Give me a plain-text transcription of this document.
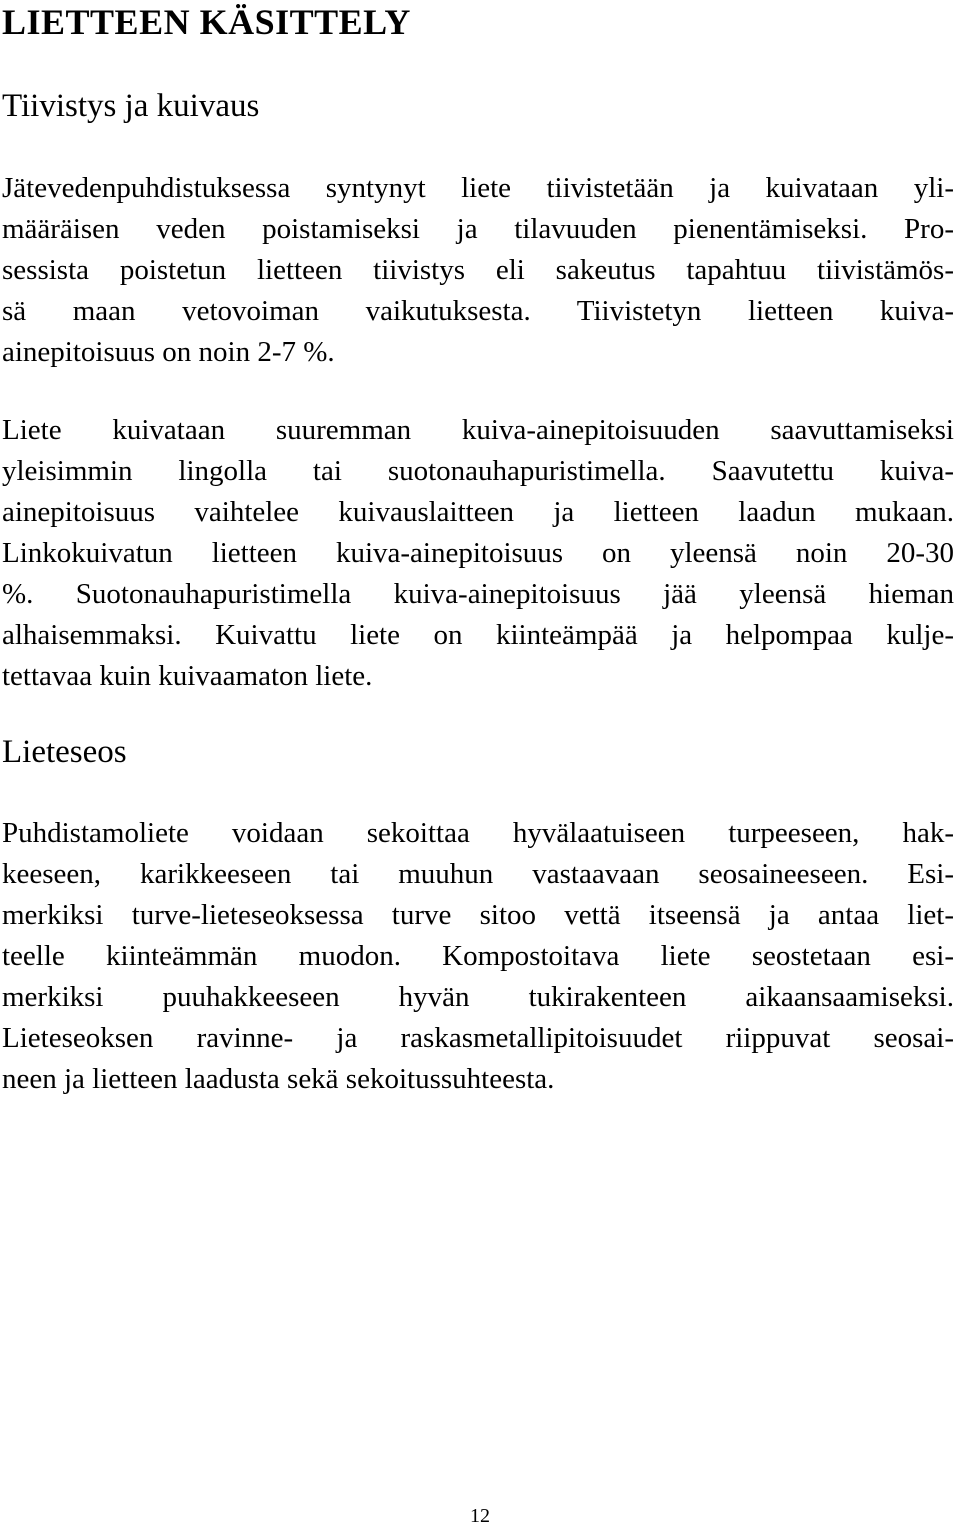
LIETTEEN KÄSITTELY
Tiivistys ja kuivaus

Jätevedenpuhdistuksessa syntynyt liete tiivistetään ja kuivataan yli-

määräisen veden poistamiseksi ja tilavuuden pienentämiseksi. Pro-

sessista poistetun lietteen tiivistys eli sakeutus tapahtuu tiivistämös-

sä maan vetovoiman vaikutuksesta. Tiivistetyn lietteen kuiva-

ainepitoisuus on noin 2-7 %.

Liete kuivataan suuremman kuiva-ainepitoisuuden saavuttamiseksi

yleisimmin lingolla tai suotonauhapuristimella. Saavutettu kuiva-

ainepitoisuus vaihtelee kuivauslaitteen ja lietteen laadun mukaan.

Linkokuivatun lietteen kuiva-ainepitoisuus on yleensä noin 20-30

%. Suotonauhapuristimella kuiva-ainepitoisuus jää yleensä hieman

alhaisemmaksi. Kuivattu liete on kiinteämpää ja helpompaa kulje-

tettavaa kuin kuivaamaton liete.

Lieteseos

Puhdistamoliete voidaan sekoittaa hyvälaatuiseen turpeeseen, hak-

keeseen, karikkeeseen tai muuhun vastaavaan seosaineeseen. Esi-

merkiksi turve-lieteseoksessa turve sitoo vettä itseensä ja antaa liet-

teelle kiinteämmän muodon. Kompostoitava liete seostetaan esi-

merkiksi puuhakkeeseen hyvän tukirakenteen aikaansaamiseksi.

Lieteseoksen ravinne- ja raskasmetallipitoisuudet riippuvat seosai-

neen ja lietteen laadusta sekä sekoitussuhteesta.

12
